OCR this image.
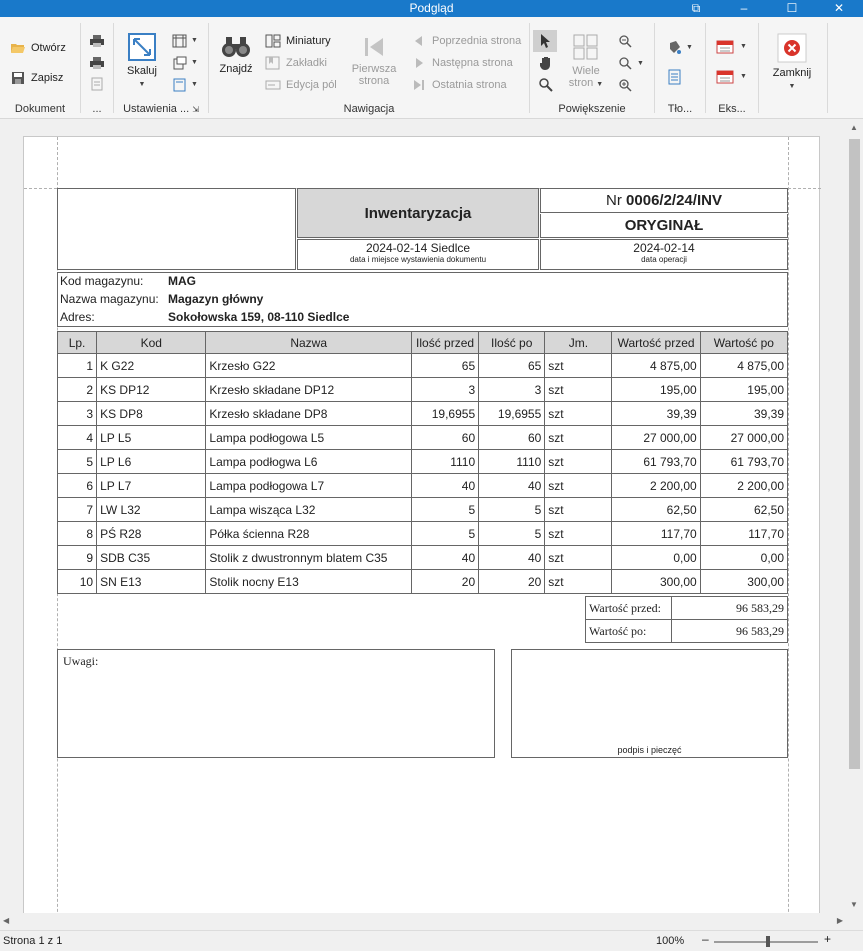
Podgląd	⧉	–	☐	✕
Otwórz
Zapisz
Dokument	...
Skaluj
▼
▼
▼
▼
Ustawienia ... ⇲
Znajdź
Miniatury
Zakładki
Edycja pól
Pierwsza
strona
Poprzednia strona
Następna strona
Ostatnia strona
Nawigacja
Wiele
stron ▼
▼
Powiększenie
▼
Tło...
▼
▼
Eks...
Zamknij
▼
Inwentaryzacja
2024-02-14 Siedlce
data i miejsce wystawienia dokumentu
Nr 0006/2/24/INV
ORYGINAŁ
2024-02-14
data operacji
Kod magazynu: MAG
Nazwa magazynu: Magazyn główny
Adres:	Sokołowska 159, 08-110 Siedlce
Lp.	Kod	Nazwa	Ilość przed	Ilość po	Jm.	Wartość przed	Wartość po
1	K G22	Krzesło G22	65	65	szt	4 875,00	4 875,00
2	KS DP12	Krzesło składane DP12	3	3	szt	195,00	195,00
3	KS DP8	Krzesło składane DP8	19,6955	19,6955	szt	39,39	39,39
4	LP L5	Lampa podłogowa L5	60	60	szt	27 000,00	27 000,00
5	LP L6	Lampa podłogwa L6	1110	1110	szt	61 793,70	61 793,70
6	LP L7	Lampa podłogowa L7	40	40	szt	2 200,00	2 200,00
7	LW L32	Lampa wisząca L32	5	5	szt	62,50	62,50
8	PŚ R28	Półka ścienna R28	5	5	szt	117,70	117,70
9	SDB C35	Stolik z dwustronnym blatem C35	40	40	szt	0,00	0,00
10	SN E13	Stolik nocny E13	20	20	szt	300,00	300,00
Wartość przed:	96 583,29
Wartość po:	96 583,29
Uwagi:
podpis i pieczęć
▲
▼
◀	▶
Strona 1 z 1	100% –	+
